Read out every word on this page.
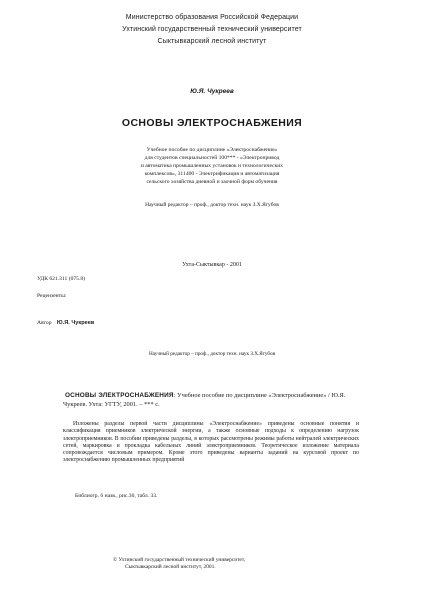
Министерство образования Российской Федерации
Ухтинский государственный технический университет
Сыктывкарский лесной институт
Ю.Я. Чукреев
ОСНОВЫ ЭЛЕКТРОСНАБЖЕНИЯ
Учебное пособие по дисциплине «Электроснабжение»
для студентов специальностей 100*** - «Электропривод
и автоматика промышленных установок и технологических
комплексов», 311400 - Электрификация и автоматизация
сельского хозяйства дневной и заочной форм обучения
Научный редактор – проф., доктор техн. наук З.Х.Ягубов
Ухта-Сыктывкар - 2001
УДК 621.311 (075.8)
Рецензенты:
Автор Ю.Я. Чукреев
Научный редактор – проф., доктор техн. наук З.Х.Ягубов
ОСНОВЫ ЭЛЕКТРОСНАБЖЕНИЯ: Учебное пособие по дисциплине «Электроснабжение» / Ю.Я. Чукреев. Ухта: УГТУ, 2001. – *** с.
Изложены разделы первой части дисциплины «Электроснабжение» приведены основные понятия и классификация приемников электрической энергии, а также основные подходы к определению нагрузок электроприемников. В пособии приведены разделы, в которых рассмотрены режимы работы нейтралей электрических сетей, маркировка и прокладка кабельных линий электроприемников. Теоретическое изложение материала сопровождается числовым примером. Кроме этого приведены варианты заданий на курсовой проект по электроснабжению промышленных предприятий
Библиогр. 6 назв., рис.30, табл. 33.
© Ухтинский государственный технический университет,
Сыктывкарский лесной институт, 2001.
